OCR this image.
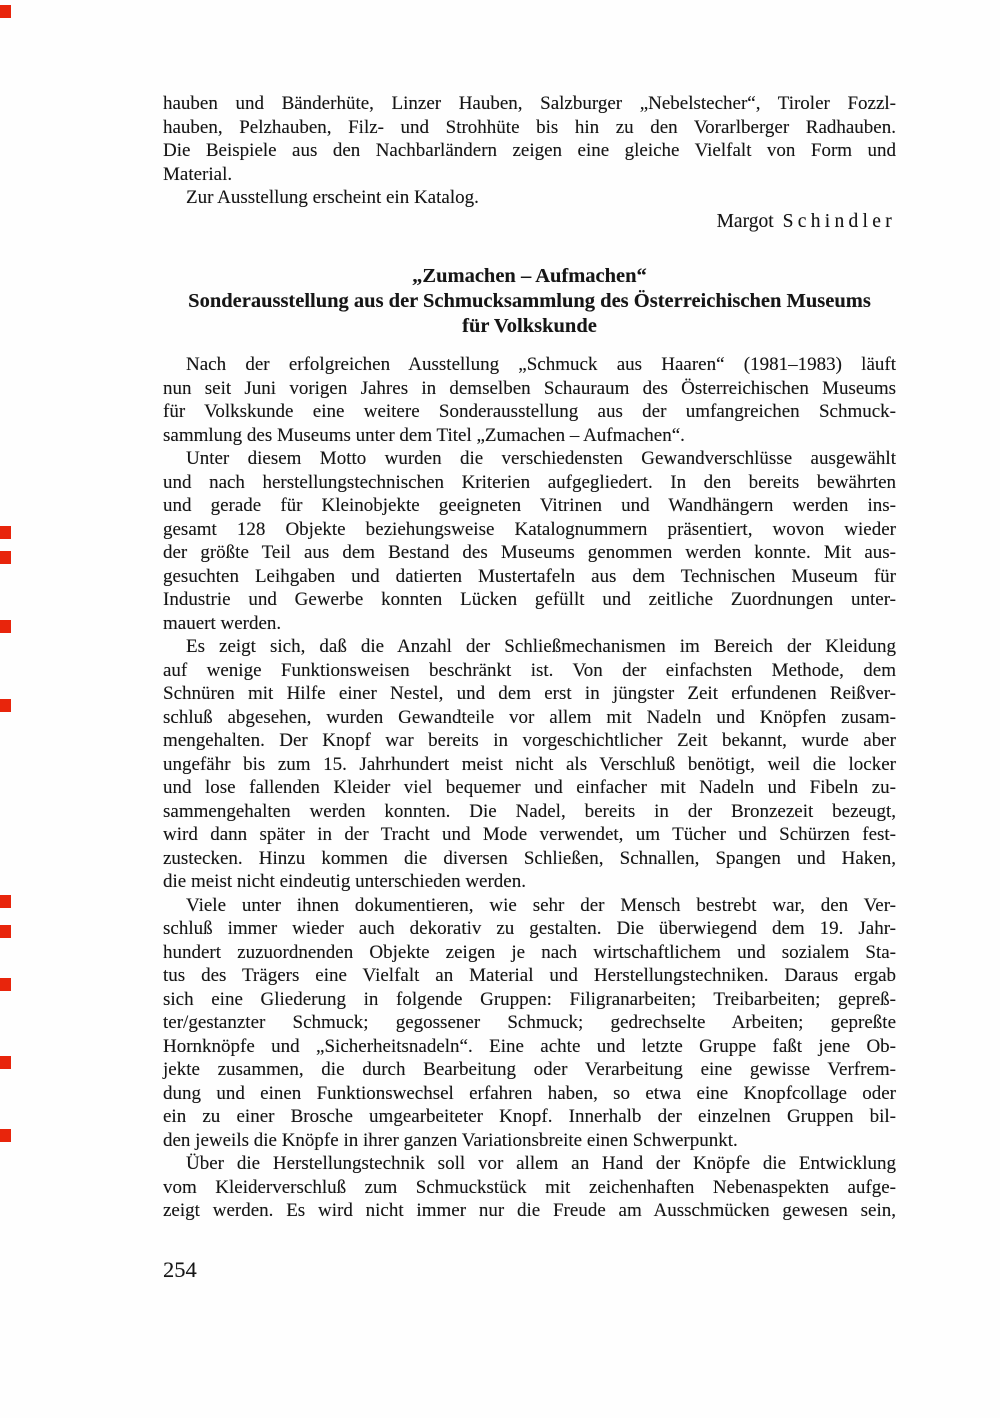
hauben und Bänderhüte, Linzer Hauben, Salzburger „Nebelstecher“, Tiroler Fozzl-
hauben, Pelzhauben, Filz- und Strohhüte bis hin zu den Vorarlberger Radhauben.
Die Beispiele aus den Nachbarländern zeigen eine gleiche Vielfalt von Form und
Material.
Zur Ausstellung erscheint ein Katalog.
Margot Schindler
„Zumachen – Aufmachen“
Sonderausstellung aus der Schmucksammlung des Österreichischen Museums
für Volkskunde
Nach der erfolgreichen Ausstellung „Schmuck aus Haaren“ (1981–1983) läuft
nun seit Juni vorigen Jahres in demselben Schauraum des Österreichischen Museums
für Volkskunde eine weitere Sonderausstellung aus der umfangreichen Schmuck-
sammlung des Museums unter dem Titel „Zumachen – Aufmachen“.
Unter diesem Motto wurden die verschiedensten Gewandverschlüsse ausgewählt
und nach herstellungstechnischen Kriterien aufgegliedert. In den bereits bewährten
und gerade für Kleinobjekte geeigneten Vitrinen und Wandhängern werden ins-
gesamt 128 Objekte beziehungsweise Katalognummern präsentiert, wovon wieder
der größte Teil aus dem Bestand des Museums genommen werden konnte. Mit aus-
gesuchten Leihgaben und datierten Mustertafeln aus dem Technischen Museum für
Industrie und Gewerbe konnten Lücken gefüllt und zeitliche Zuordnungen unter-
mauert werden.
Es zeigt sich, daß die Anzahl der Schließmechanismen im Bereich der Kleidung
auf wenige Funktionsweisen beschränkt ist. Von der einfachsten Methode, dem
Schnüren mit Hilfe einer Nestel, und dem erst in jüngster Zeit erfundenen Reißver-
schluß abgesehen, wurden Gewandteile vor allem mit Nadeln und Knöpfen zusam-
mengehalten. Der Knopf war bereits in vorgeschichtlicher Zeit bekannt, wurde aber
ungefähr bis zum 15. Jahrhundert meist nicht als Verschluß benötigt, weil die locker
und lose fallenden Kleider viel bequemer und einfacher mit Nadeln und Fibeln zu-
sammengehalten werden konnten. Die Nadel, bereits in der Bronzezeit bezeugt,
wird dann später in der Tracht und Mode verwendet, um Tücher und Schürzen fest-
zustecken. Hinzu kommen die diversen Schließen, Schnallen, Spangen und Haken,
die meist nicht eindeutig unterschieden werden.
Viele unter ihnen dokumentieren, wie sehr der Mensch bestrebt war, den Ver-
schluß immer wieder auch dekorativ zu gestalten. Die überwiegend dem 19. Jahr-
hundert zuzuordnenden Objekte zeigen je nach wirtschaftlichem und sozialem Sta-
tus des Trägers eine Vielfalt an Material und Herstellungstechniken. Daraus ergab
sich eine Gliederung in folgende Gruppen: Filigranarbeiten; Treibarbeiten; gepreß-
ter/gestanzter Schmuck; gegossener Schmuck; gedrechselte Arbeiten; gepreßte
Hornknöpfe und „Sicherheitsnadeln“. Eine achte und letzte Gruppe faßt jene Ob-
jekte zusammen, die durch Bearbeitung oder Verarbeitung eine gewisse Verfrem-
dung und einen Funktionswechsel erfahren haben, so etwa eine Knopfcollage oder
ein zu einer Brosche umgearbeiteter Knopf. Innerhalb der einzelnen Gruppen bil-
den jeweils die Knöpfe in ihrer ganzen Variationsbreite einen Schwerpunkt.
Über die Herstellungstechnik soll vor allem an Hand der Knöpfe die Entwicklung
vom Kleiderverschluß zum Schmuckstück mit zeichenhaften Nebenaspekten aufge-
zeigt werden. Es wird nicht immer nur die Freude am Ausschmücken gewesen sein,
254
